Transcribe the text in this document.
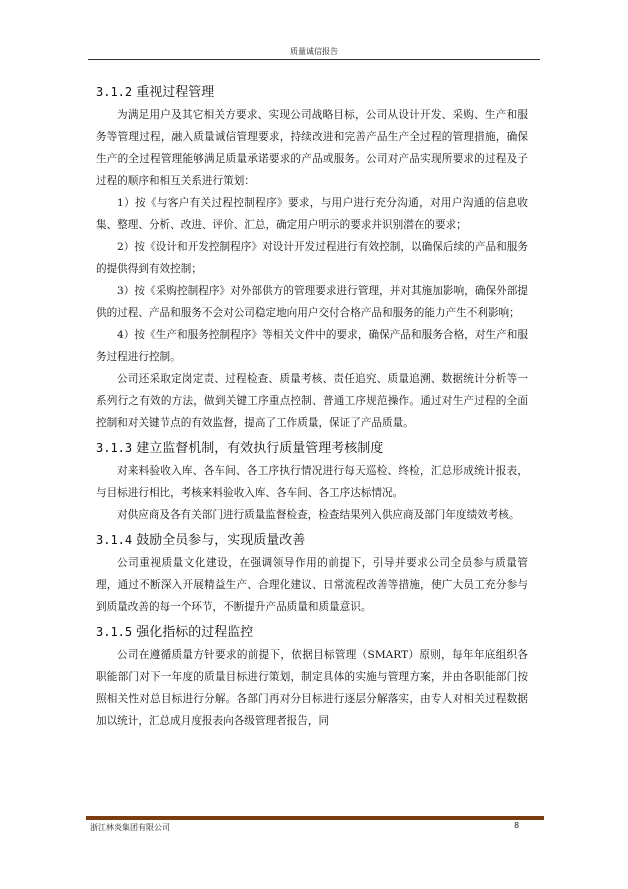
质量诚信报告
3.1.2 重视过程管理

为满足用户及其它相关方要求、实现公司战略目标，公司从设计开发、采购、生产和服务等管理过程，融入质量诚信管理要求，持续改进和完善产品生产全过程的管理措施，确保生产的全过程管理能够满足质量承诺要求的产品或服务。公司对产品实现所要求的过程及子过程的顺序和相互关系进行策划：

1）按《与客户有关过程控制程序》要求，与用户进行充分沟通，对用户沟通的信息收集、整理、分析、改进、评价、汇总，确定用户明示的要求并识别潜在的要求；

2）按《设计和开发控制程序》对设计开发过程进行有效控制，以确保后续的产品和服务的提供得到有效控制；

3）按《采购控制程序》对外部供方的管理要求进行管理，并对其施加影响，确保外部提供的过程、产品和服务不会对公司稳定地向用户交付合格产品和服务的能力产生不利影响；

4）按《生产和服务控制程序》等相关文件中的要求，确保产品和服务合格，对生产和服务过程进行控制。

公司还采取定岗定责、过程检查、质量考核、责任追究、质量追溯、数据统计分析等一系列行之有效的方法，做到关键工序重点控制、普通工序规范操作。通过对生产过程的全面控制和对关键节点的有效监督，提高了工作质量，保证了产品质量。

3.1.3 建立监督机制，有效执行质量管理考核制度

对来料验收入库、各车间、各工序执行情况进行每天巡检、终检，汇总形成统计报表，与目标进行相比，考核来料验收入库、各车间、各工序达标情况。

对供应商及各有关部门进行质量监督检查，检查结果列入供应商及部门年度绩效考核。

3.1.4 鼓励全员参与，实现质量改善

公司重视质量文化建设，在强调领导作用的前提下，引导并要求公司全员参与质量管理，通过不断深入开展精益生产、合理化建议、日常流程改善等措施，使广大员工充分参与到质量改善的每一个环节，不断提升产品质量和质量意识。

3.1.5 强化指标的过程监控

公司在遵循质量方针要求的前提下，依据目标管理（SMART）原则，每年年底组织各职能部门对下一年度的质量目标进行策划，制定具体的实施与管理方案，并由各职能部门按照相关性对总目标进行分解。各部门再对分目标进行逐层分解落实，由专人对相关过程数据加以统计，汇总成月度报表向各级管理者报告，同

浙江林炎集团有限公司	8
